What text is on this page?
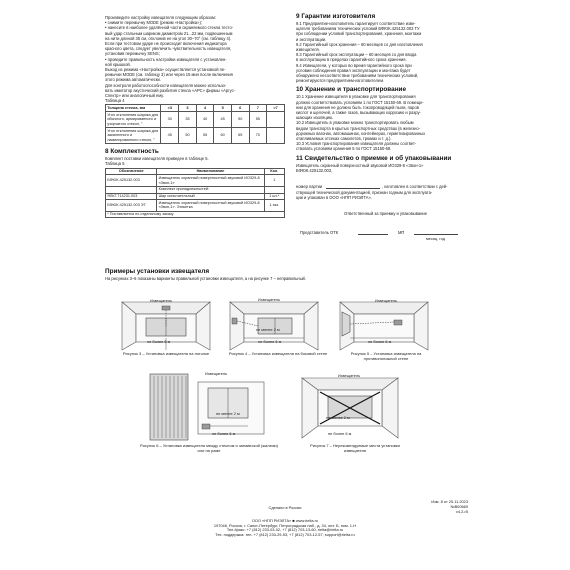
Произведите настройку извещателя следующим образом:

• снимите перемычку MODE (режим «Настройка»);

• нанесите в наиболее удалённой части охраняемого стекла тесто-

вый удар стальным шариком диаметром 21...22 мм, подвешенным

на нити длиной 35 см, отклонив ее на угол 30–70° (см. таблицу 4).

Если при тестовом ударе не происходит включения индикатора

красного цвета, следует увеличить чувствительность извещателя,

установив перемычку SENS;

• проведите правильность настройки извещателя с установлен-

ной крышкой.

Выход из режима «Настройка» осуществляется установкой пе-

ремычки MODE (см. таблицу 3) или через 15 мин после включения

этого режима автоматически.

Для контроля работоспособности извещателя можно использо-

вать имитатор акустический разбития стекла «АРС» фирмы «Аргус-

Спектр» или аналогичный ему.

Таблица 4

Толщина стекла, мм	<3	3	4	5	6	7	>7
Угол отклонения шарика для обычного, армированного и узорчатого стекол, °	30	35	40	45	50	55	
Угол отклонения шарика для закаленного и ламинированного стекол, °	45	50	55	60	65	70	

8 Комплектность

Комплект поставки извещателя приведен в таблице 5.

Таблица 5

Обозначение	Наименование	Кол.
БФЮК.425132.003	Извещатель охранный поверхностный звуковой ИО329-8 «Звон-1»	1
	Комплект принадлежностей:	
ЯЛКГ.714231.003	Шар испытательный	1 шт.*
БФЮК.425132.003 ЭТ	Извещатель охранный поверхностный звуковой ИО329-8 «Звон-1». Этикетка	1 экз.
* Поставляется по отдельному заказу		

9 Гарантии изготовителя

9.1 Предприятие-изготовитель гарантирует соответствие изве-

щателя требованиям технических условий БФЮК.425132.003 ТУ

при соблюдении условий транспортирования, хранения, монтажа

и эксплуатации.

9.2 Гарантийный срок хранения – 60 месяцев со дня изготовления

извещателя.

9.3 Гарантийный срок эксплуатации – 60 месяцев со дня ввода

в эксплуатацию в пределах гарантийного срока хранения.

9.4 Извещатели, у которых во время гарантийного срока при

условии соблюдения правил эксплуатации и монтажа будет

обнаружено несоответствие требованиям технических условий,

ремонтируются предприятием-изготовителем.

10 Хранение и транспортирование

10.1 Хранение извещателя в упаковке для транспортирования

должно соответствовать условиям 1 по ГОСТ 15150-69. В помеще-

нии для хранения не должно быть токопроводящей пыли, паров

кислот и щелочей, а также газов, вызывающих коррозию и разру-

шающих изоляцию.

10.2 Извещатель в упаковке можно транспортировать любым

видом транспорта в крытых транспортных средствах (в железно-

дорожных вагонах, автомашинах, контейнерах, герметизированных

отапливаемых отсеках самолетов, трюмах и т. д.).

10.3 Условия транспортирования извещателя должны соответ-

ствовать условиям хранения 5 по ГОСТ 15150-69.

11 Свидетельство о приемке и об упаковывании

Извещатель охранный поверхностный звуковой ИО329-8 «Звон-1»

БФЮК.425132.003,

номер партии	, изготовлен в соответствии с дей-

ствующей технической документацией, признан годным для эксплуата-

ции и упакован в ООО «НПП РИЭЛТА».

Ответственный за приемку и упаковывание
Представитель ОТК	МП
месяц, год

Примеры установки извещателя

На рисунках 3–6 показаны варианты правильной установки извещателя, а на рисунке 7 – неправильный.

Извещатель
не более 6 м
Рисунок 3 – Установка извещателя на потолке
Извещатель
не менее 2 м
не более 6 м
Рисунок 4 – Установка извещателя на боковой стене
Извещатель
не более 6 м
Рисунок 5 – Установка извещателя на противоположной стене
Извещатель
не менее 2 м
не более 6 м
Рисунок 6 – Установка извещателя между стеклом и занавеской (жалюзи) или на раме
Извещатель
не менее 2 м
не более 6 м
Рисунок 7 – Нерекомендуемые места установки извещателя
Изм. 8 от 25.11.2023
№B00669
v4.2-r5
Сделано в России
ООО «НПП РИЭЛТА» ■ www.rielta.ru
197046, Россия, г. Санкт-Петербург, Петроградская наб., д. 34, лит. Б, пом. 1-Н
Тел./факс: +7 (812) 233-03-02, +7 (812) 703-13-60, rielta@rielta.ru
Тех. поддержка: тел. +7 (812) 233-29-53, +7 (812) 703-12-57, support@rielta.ru
